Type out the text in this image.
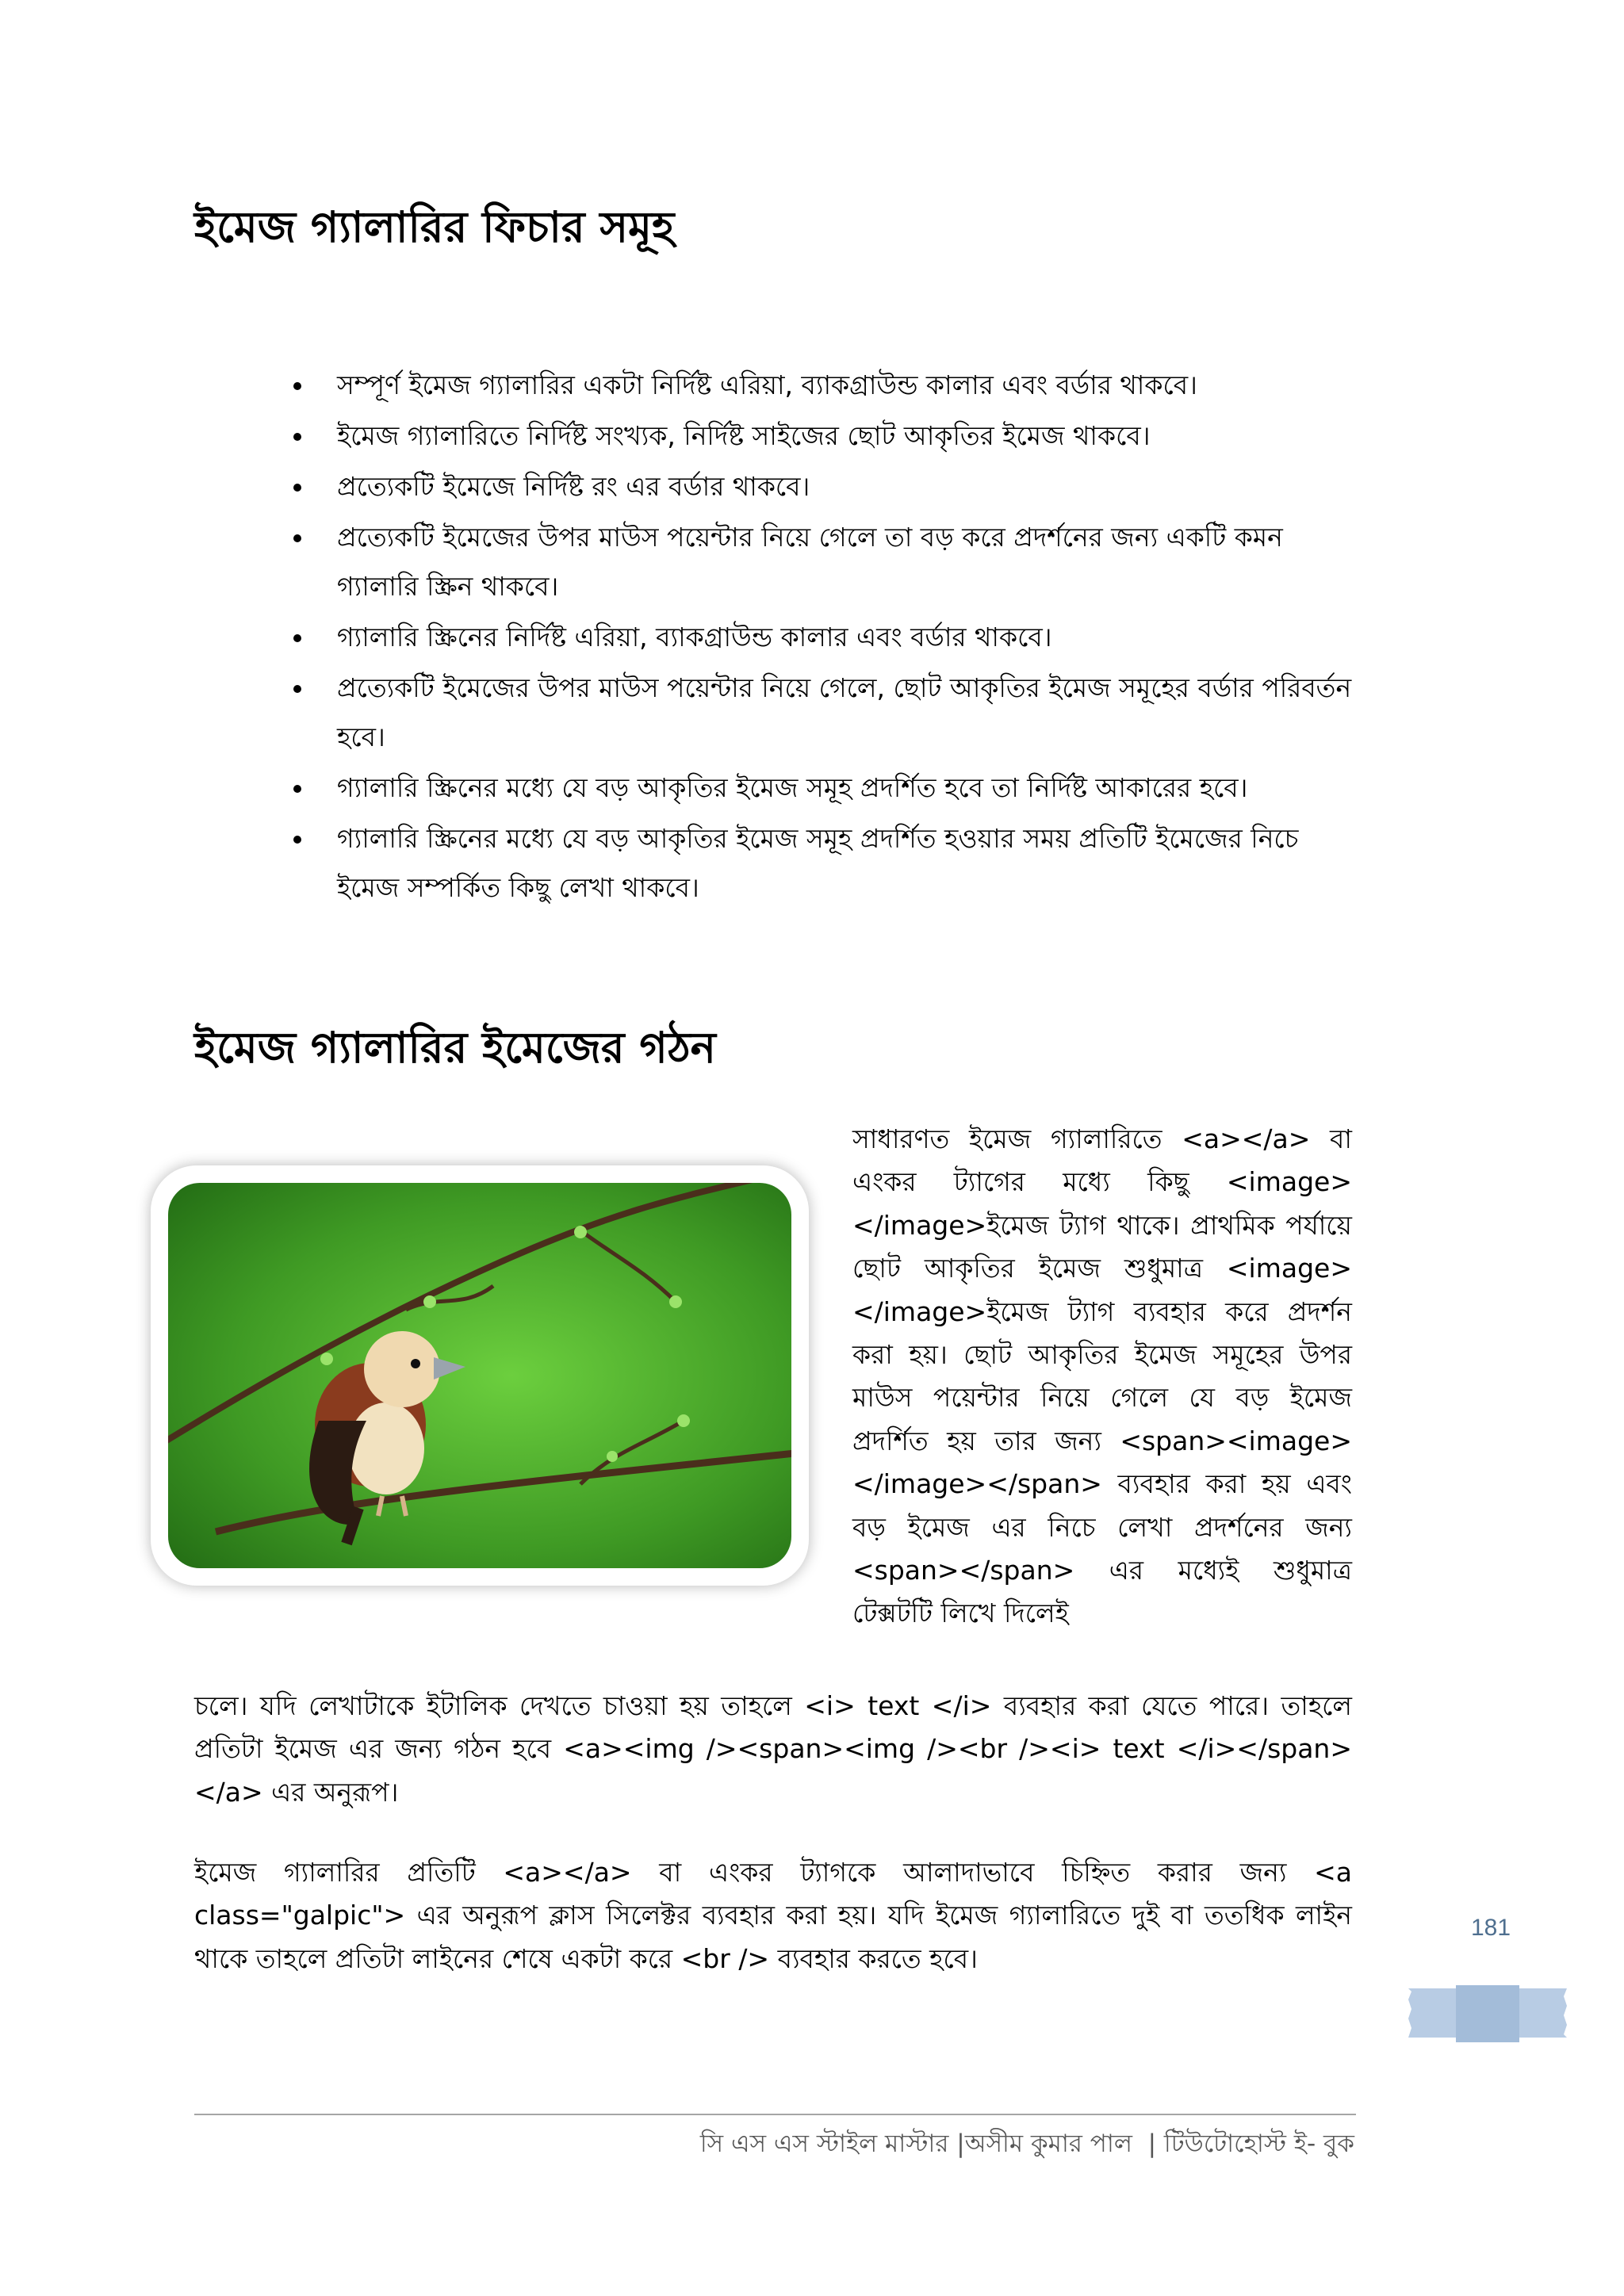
ইমেজ গ্যালারির ফিচার সমূহ
সম্পূর্ণ ইমেজ গ্যালারির একটা নির্দিষ্ট এরিয়া, ব্যাকগ্রাউন্ড কালার এবং বর্ডার থাকবে।
ইমেজ গ্যালারিতে নির্দিষ্ট সংখ্যক, নির্দিষ্ট সাইজের ছোট আকৃতির ইমেজ থাকবে।
প্রত্যেকটি ইমেজে নির্দিষ্ট রং এর বর্ডার থাকবে।
প্রত্যেকটি ইমেজের উপর মাউস পয়েন্টার নিয়ে গেলে তা বড় করে প্রদর্শনের জন্য একটি কমন গ্যালারি স্ক্রিন থাকবে।
গ্যালারি স্ক্রিনের নির্দিষ্ট এরিয়া, ব্যাকগ্রাউন্ড কালার এবং বর্ডার থাকবে।
প্রত্যেকটি ইমেজের উপর মাউস পয়েন্টার নিয়ে গেলে, ছোট আকৃতির ইমেজ সমূহের বর্ডার পরিবর্তন হবে।
গ্যালারি স্ক্রিনের মধ্যে যে বড় আকৃতির ইমেজ সমূহ প্রদর্শিত হবে তা নির্দিষ্ট আকারের হবে।
গ্যালারি স্ক্রিনের মধ্যে যে বড় আকৃতির ইমেজ সমূহ প্রদর্শিত হওয়ার সময় প্রতিটি ইমেজের নিচে ইমেজ সম্পর্কিত কিছু লেখা থাকবে।
ইমেজ গ্যালারির ইমেজের গঠন

সাধারণত ইমেজ গ্যালারিতে <a></a> বা এংকর ট্যাগের মধ্যে কিছু <image></image>ইমেজ ট্যাগ থাকে। প্রাথমিক পর্যায়ে ছোট আকৃতির ইমেজ শুধুমাত্র <image></image>ইমেজ ট্যাগ ব্যবহার করে প্রদর্শন করা হয়। ছোট আকৃতির ইমেজ সমূহের উপর মাউস পয়েন্টার নিয়ে গেলে যে বড় ইমেজ প্রদর্শিত হয় তার জন্য <span><image></image></span> ব্যবহার করা হয় এবং বড় ইমেজ এর নিচে লেখা প্রদর্শনের জন্য <span></span> এর মধ্যেই শুধুমাত্র টেক্সটটি লিখে দিলেই

চলে। যদি লেখাটাকে ইটালিক দেখতে চাওয়া হয় তাহলে <i> text </i> ব্যবহার করা যেতে পারে। তাহলে প্রতিটা ইমেজ এর জন্য গঠন হবে <a><img /><span><img /><br /><i> text </i></span></a> এর অনুরূপ।

ইমেজ গ্যালারির প্রতিটি <a></a> বা এংকর ট্যাগকে আলাদাভাবে চিহ্নিত করার জন্য <a class="galpic"> এর অনুরূপ ক্লাস সিলেক্টর ব্যবহার করা হয়। যদি ইমেজ গ্যালারিতে দুই বা ততধিক লাইন থাকে তাহলে প্রতিটা লাইনের শেষে একটা করে <br /> ব্যবহার করতে হবে।

181
সি এস এস স্টাইল মাস্টার |অসীম কুমার পাল  | টিউটোহোস্ট ই- বুক
